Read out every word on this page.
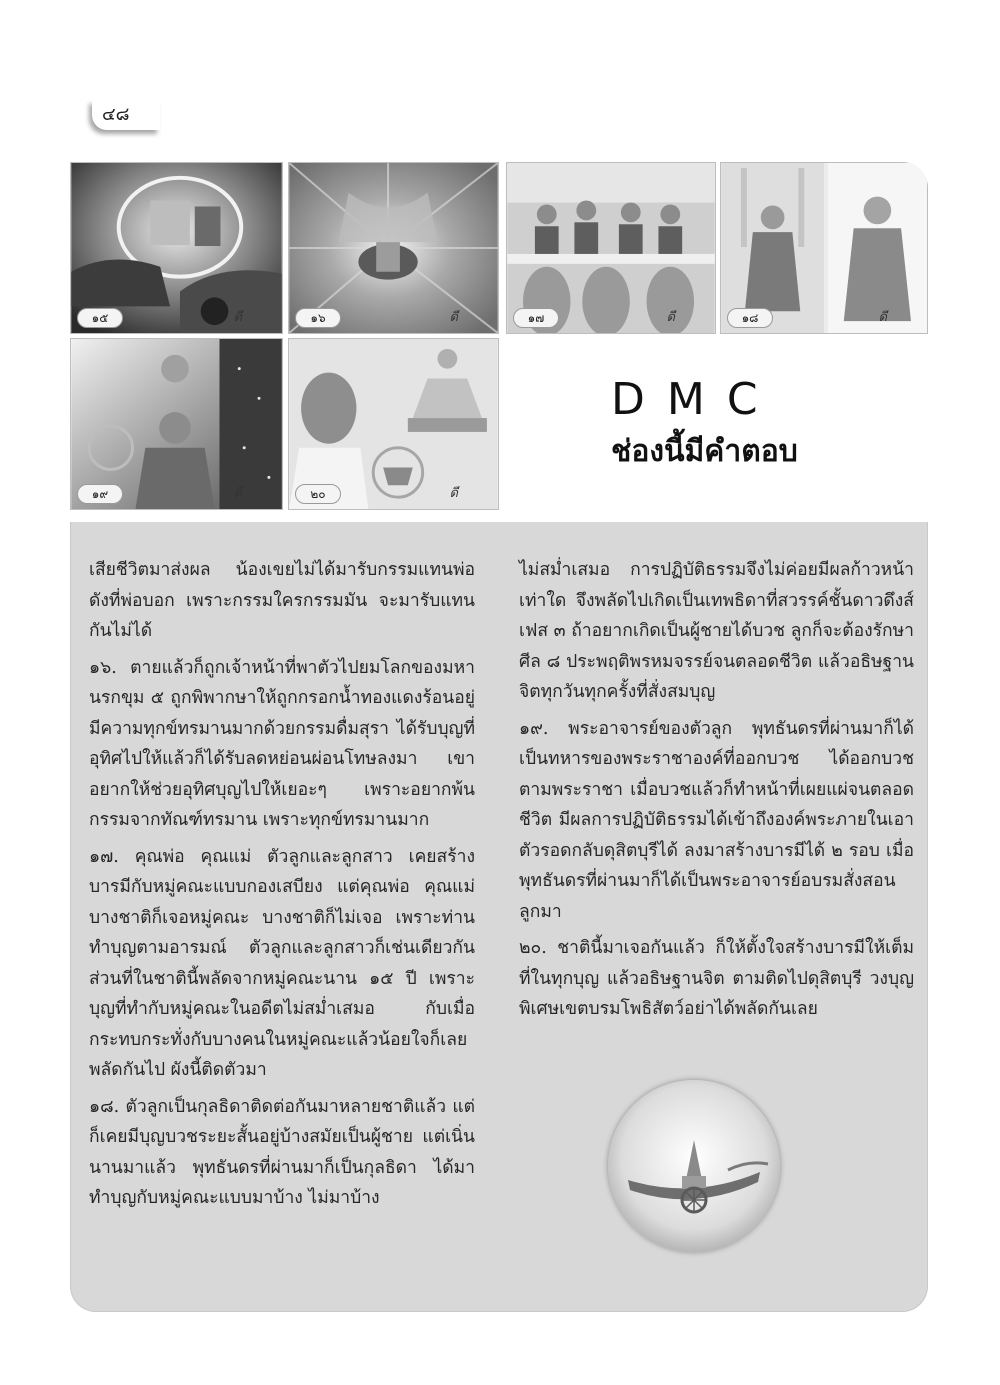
๔๘
๑๕	ดี	๑๖	ดี	๑๗	ดี	๑๘	ดี
๑๙	ดี	๒๐	ดี
DMC
ช่องนี้มีคำตอบ

เสียชีวิตมาส่งผล น้องเขยไม่ได้มารับกรรมแทนพ่อ ดังที่พ่อบอก เพราะกรรมใครกรรมมัน จะมารับแทนกันไม่ได้

๑๖. ตายแล้วก็ถูกเจ้าหน้าที่พาตัวไปยมโลกของมหานรกขุม ๕ ถูกพิพากษาให้ถูกกรอกน้ำทองแดงร้อนอยู่ มีความทุกข์ทรมานมากด้วยกรรมดื่มสุรา ได้รับบุญที่อุทิศไปให้แล้วก็ได้รับลดหย่อนผ่อนโทษลงมา เขาอยากให้ช่วยอุทิศบุญไปให้เยอะๆ เพราะอยากพ้นกรรมจากทัณฑ์ทรมาน เพราะทุกข์ทรมานมาก

๑๗. คุณพ่อ คุณแม่ ตัวลูกและลูกสาว เคยสร้างบารมีกับหมู่คณะแบบกองเสบียง แต่คุณพ่อ คุณแม่ บางชาติก็เจอหมู่คณะ บางชาติก็ไม่เจอ เพราะท่านทำบุญตามอารมณ์ ตัวลูกและลูกสาวก็เช่นเดียวกัน ส่วนที่ในชาตินี้พลัดจากหมู่คณะนาน ๑๕ ปี เพราะบุญที่ทำกับหมู่คณะในอดีตไม่สม่ำเสมอ กับเมื่อกระทบกระทั่งกับบางคนในหมู่คณะแล้วน้อยใจก็เลยพลัดกันไป ผังนี้ติดตัวมา

๑๘. ตัวลูกเป็นกุลธิดาติดต่อกันมาหลายชาติแล้ว แต่ก็เคยมีบุญบวชระยะสั้นอยู่บ้างสมัยเป็นผู้ชาย แต่เนิ่นนานมาแล้ว พุทธันดรที่ผ่านมาก็เป็นกุลธิดา ได้มาทำบุญกับหมู่คณะแบบมาบ้าง ไม่มาบ้าง

ไม่สม่ำเสมอ การปฏิบัติธรรมจึงไม่ค่อยมีผลก้าวหน้าเท่าใด จึงพลัดไปเกิดเป็นเทพธิดาที่สวรรค์ชั้นดาวดึงส์ เฟส ๓ ถ้าอยากเกิดเป็นผู้ชายได้บวช ลูกก็จะต้องรักษาศีล ๘ ประพฤติพรหมจรรย์จนตลอดชีวิต แล้วอธิษฐานจิตทุกวันทุกครั้งที่สั่งสมบุญ

๑๙. พระอาจารย์ของตัวลูก พุทธันดรที่ผ่านมาก็ได้เป็นทหารของพระราชาองค์ที่ออกบวช ได้ออกบวชตามพระราชา เมื่อบวชแล้วก็ทำหน้าที่เผยแผ่จนตลอดชีวิต มีผลการปฏิบัติธรรมได้เข้าถึงองค์พระภายในเอาตัวรอดกลับดุสิตบุรีได้ ลงมาสร้างบารมีได้ ๒ รอบ เมื่อพุทธันดรที่ผ่านมาก็ได้เป็นพระอาจารย์อบรมสั่งสอนลูกมา

๒๐. ชาตินี้มาเจอกันแล้ว ก็ให้ตั้งใจสร้างบารมีให้เต็มที่ในทุกบุญ แล้วอธิษฐานจิต ตามติดไปดุสิตบุรี วงบุญพิเศษเขตบรมโพธิสัตว์อย่าได้พลัดกันเลย
